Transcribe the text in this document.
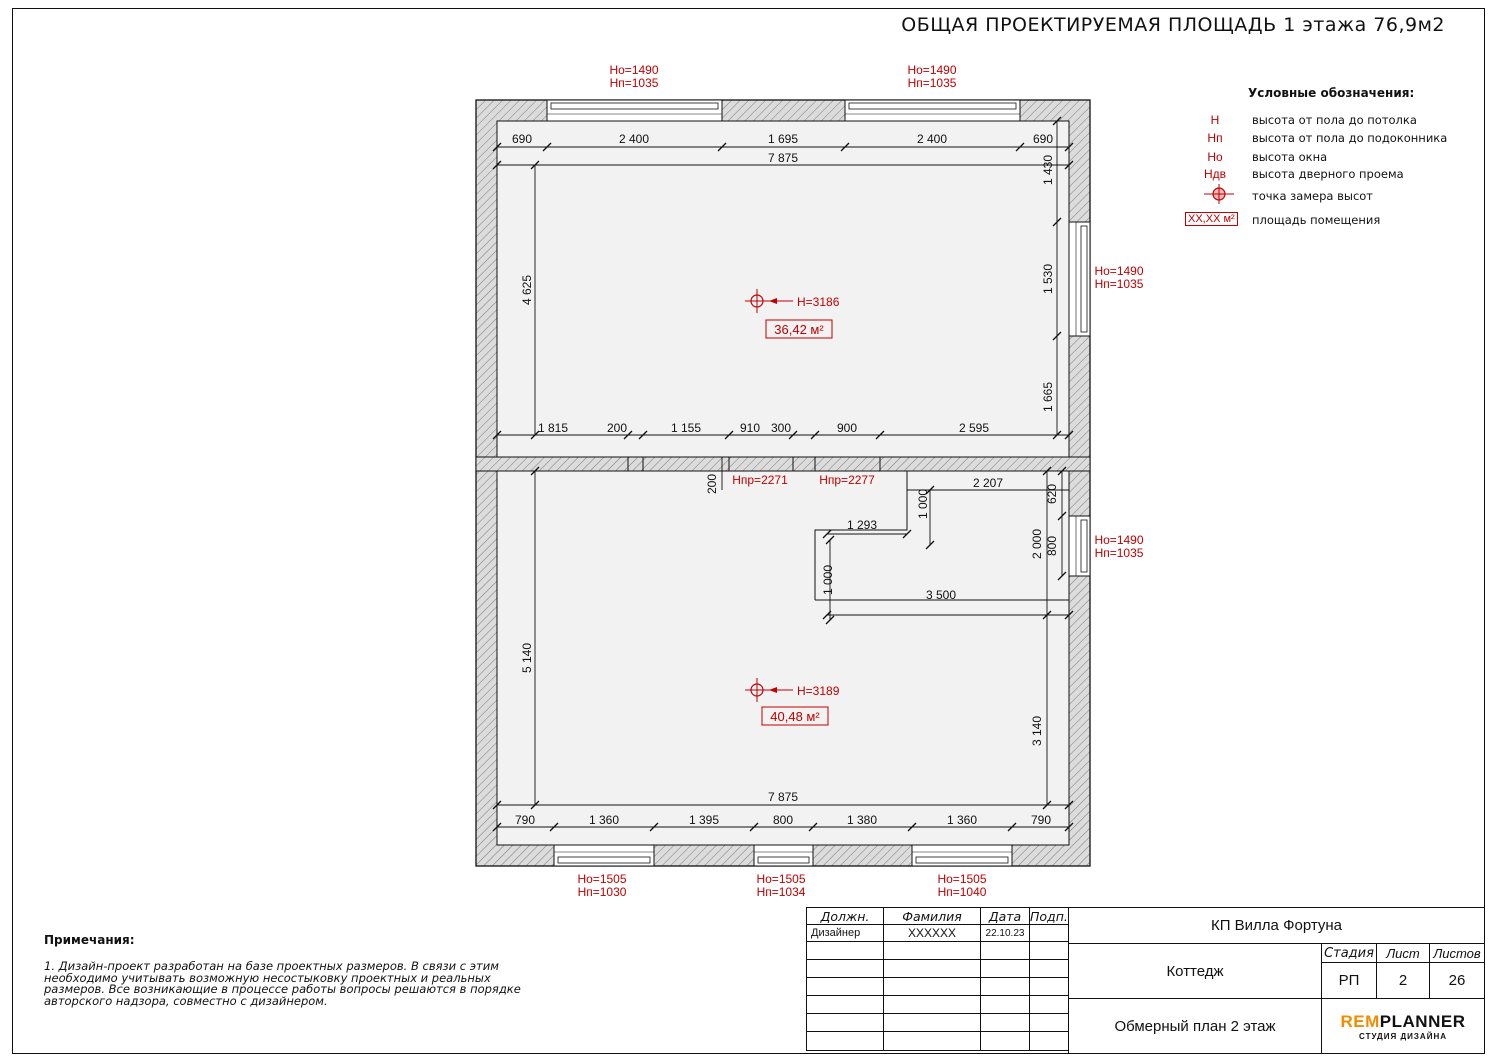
ОБЩАЯ ПРОЕКТИРУЕМАЯ ПЛОЩАДЬ 1 этажа 76,9м2
H=3186
36,42 м²
H=3189
40,48 м²
Hо=1490
Hп=1035
Hо=1490
Hп=1035
Hо=1490
Hп=1035
Hо=1490
Hп=1035
Hо=1505
Hп=1030
Hо=1505
Hп=1034
Hо=1505
Hп=1040
Hпр=2271	Hпр=2277
690	2 400	1 695	2 400	690
7 875
1 815	200	1 155	910 300	900	2 595
2 207
1 293
3 500
7 875
790	1 360	1 395	800	1 380	1 360	790
4 625
1 430
1 530
1 665
200	620
1 000
2 000 800
1 000
5 140
3 140
Условные обозначения:
H	высота от пола до потолка
Hп	высота от пола до подоконника
Hо	высота окна
Hдв	высота дверного проема
точка замера высот
XX,XX м² площадь помещения
Примечания:
1. Дизайн-проект разработан на базе проектных размеров. В связи с этим необходимо учитывать возможную несостыковку проектных и реальных размеров. Все возникающие в процессе работы вопросы решаются в порядке авторского надзора, совместно с дизайнером.
Должн.	Фамилия	Дата	Подп.
Дизайнер	XXXXXX	22.10.23	

				КП Вилла Фортуна
Коттедж
Стадия Лист	Листов
РП	2	26
Обмерный план 2 этаж	REMPLANNER
СТУДИЯ ДИЗАЙНА
